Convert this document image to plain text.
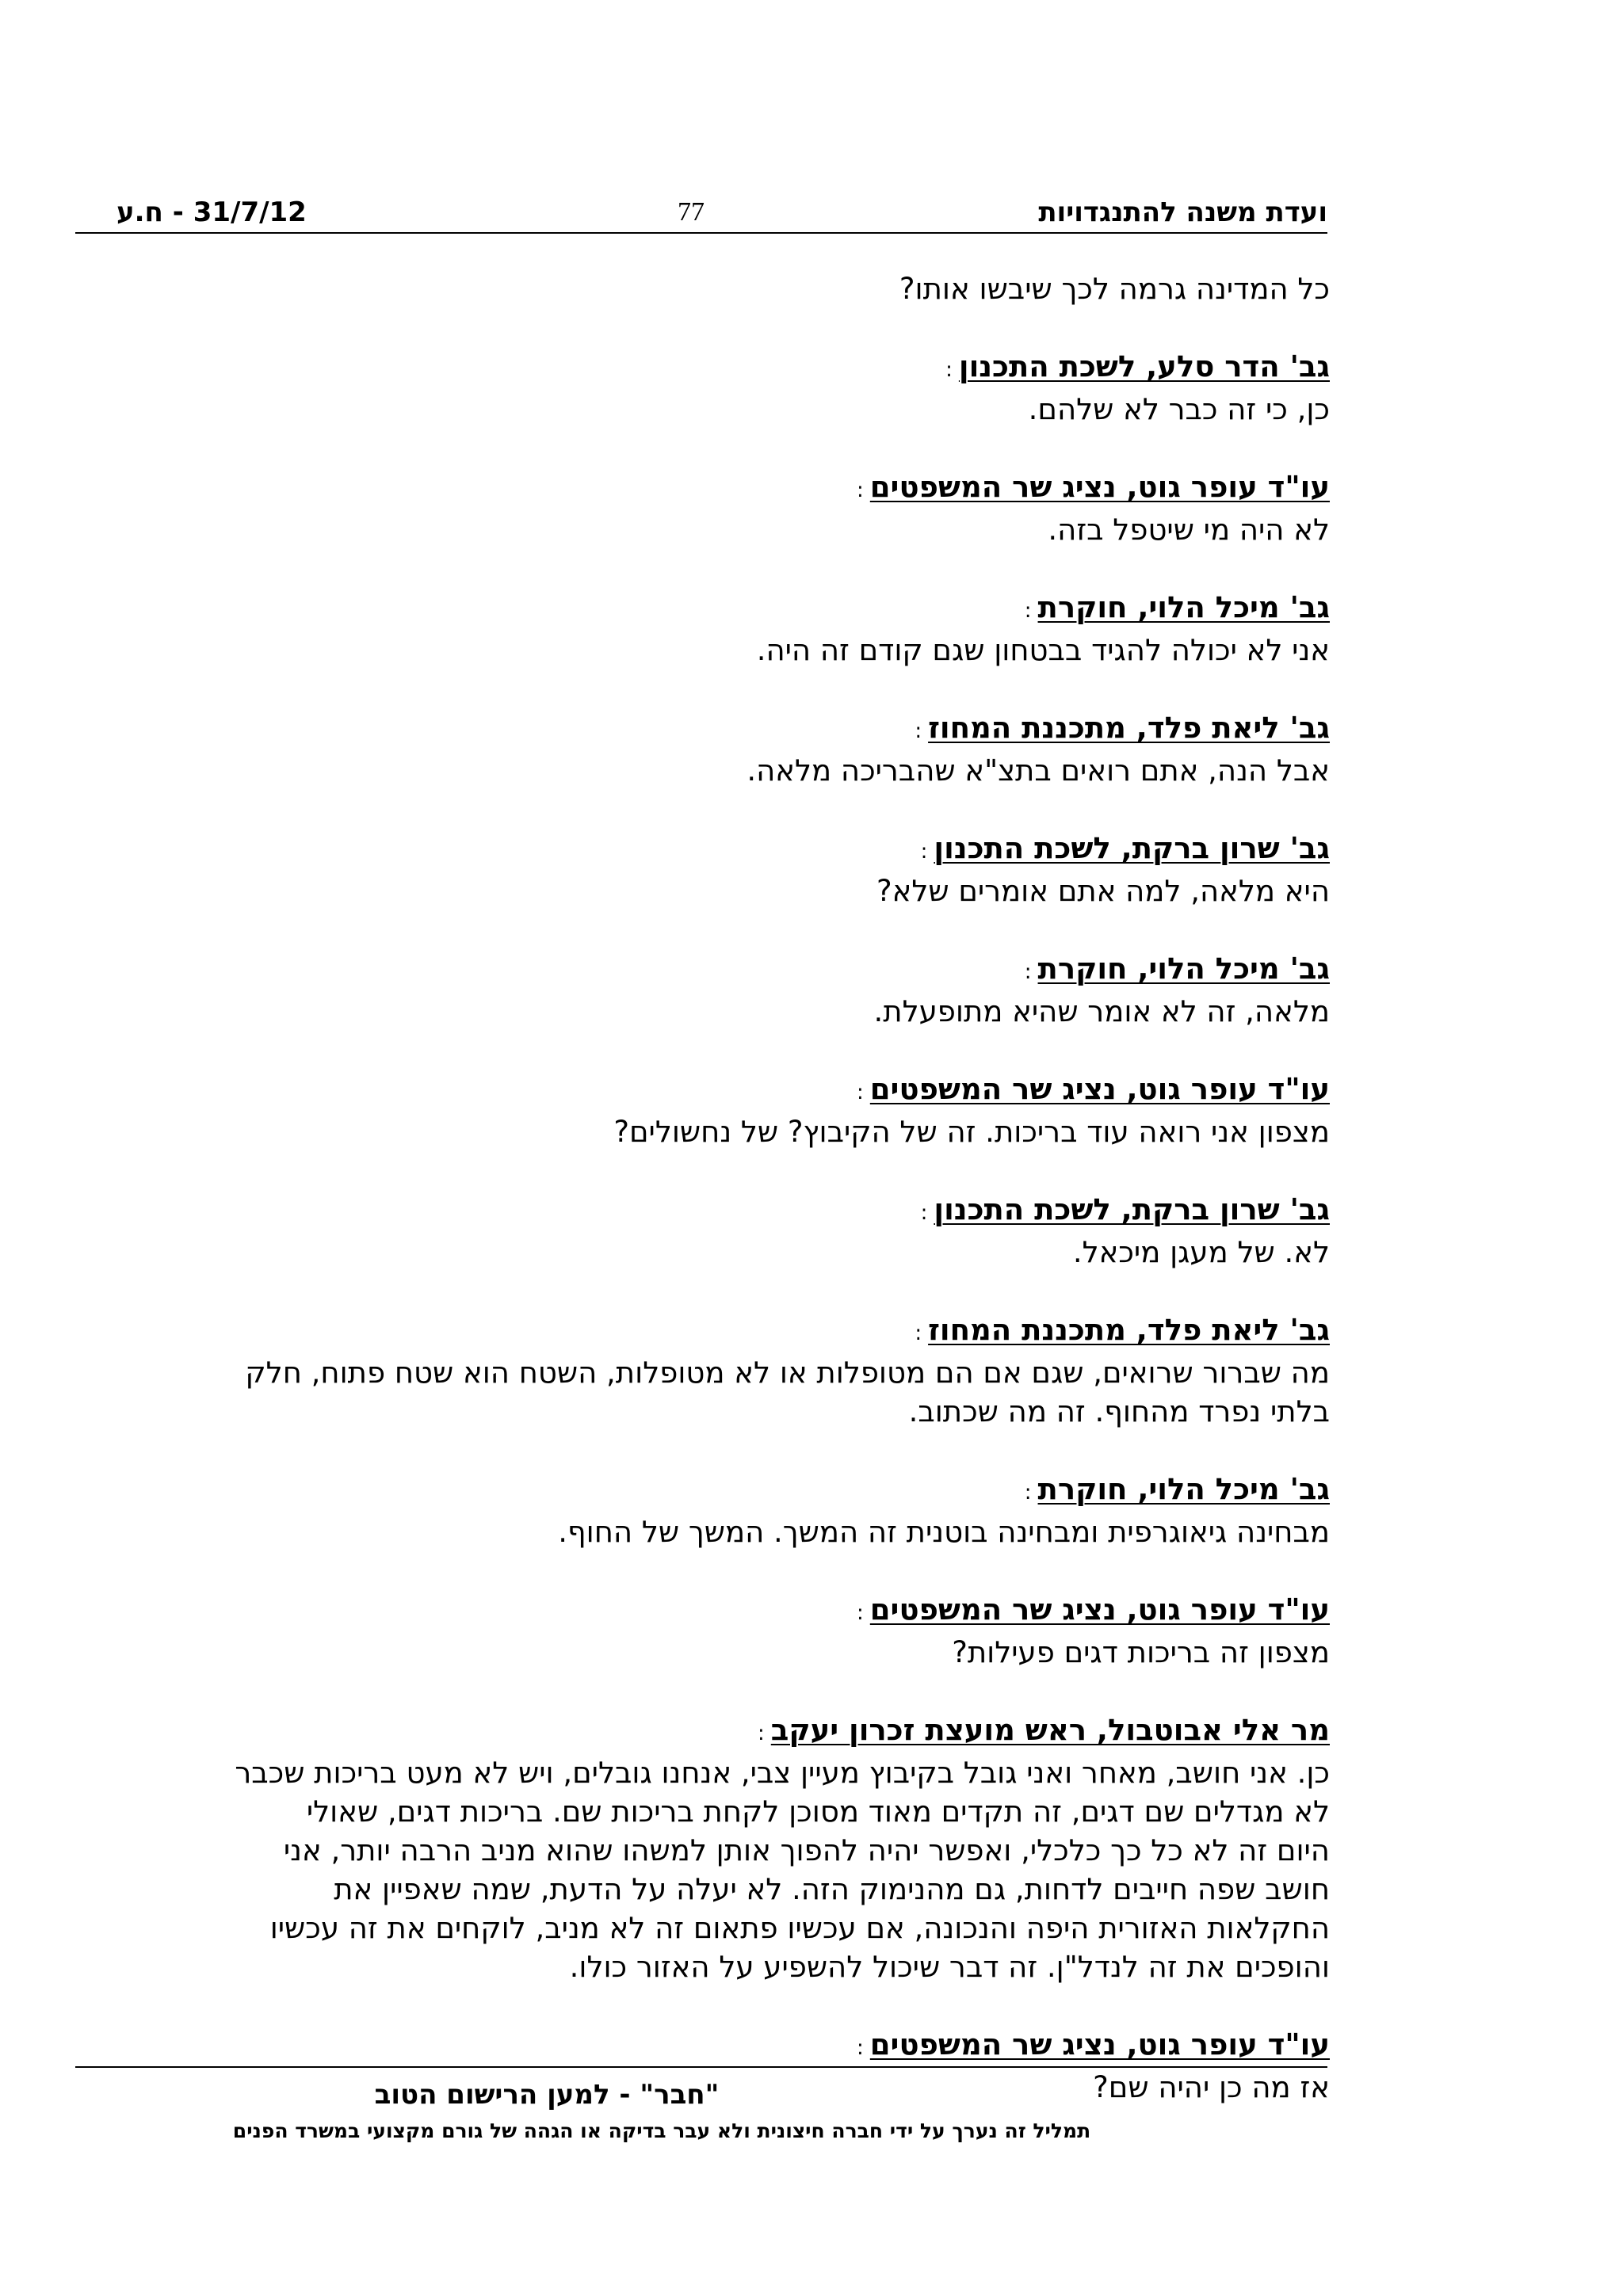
ועדת משנה להתנגדויות
77
31/7/12 - ח.ע

כל המדינה גרמה לכך שיבשו אותו?

גב' הדר סלע, לשכת התכנון:

כן, כי זה כבר לא שלהם.

עו"ד עופר גוט, נציג שר המשפטים:

לא היה מי שיטפל בזה.

גב' מיכל הלוי, חוקרת:

אני לא יכולה להגיד בבטחון שגם קודם זה היה.

גב' ליאת פלד, מתכננת המחוז:

אבל הנה, אתם רואים בתצ"א שהבריכה מלאה.

גב' שרון ברקת, לשכת התכנון:

היא מלאה, למה אתם אומרים שלא?

גב' מיכל הלוי, חוקרת:

מלאה, זה לא אומר שהיא מתופעלת.

עו"ד עופר גוט, נציג שר המשפטים:

מצפון אני רואה עוד בריכות. זה של הקיבוץ? של נחשולים?

גב' שרון ברקת, לשכת התכנון:

לא. של מעגן מיכאל.

גב' ליאת פלד, מתכננת המחוז:

מה שברור שרואים, שגם אם הם מטופלות או לא מטופלות, השטח הוא שטח פתוח, חלק

בלתי נפרד מהחוף. זה מה שכתוב.

גב' מיכל הלוי, חוקרת:

מבחינה גיאוגרפית ומבחינה בוטנית זה המשך. המשך של החוף.

עו"ד עופר גוט, נציג שר המשפטים:

מצפון זה בריכות דגים פעילות?

מר אלי אבוטבול, ראש מועצת זכרון יעקב:

כן. אני חושב, מאחר ואני גובל בקיבוץ מעיין צבי, אנחנו גובלים, ויש לא מעט בריכות שכבר

לא מגדלים שם דגים, זה תקדים מאוד מסוכן לקחת בריכות שם. בריכות דגים, שאולי

היום זה לא כל כך כלכלי, ואפשר יהיה להפוך אותן למשהו שהוא מניב הרבה יותר, אני

חושב שפה חייבים לדחות, גם מהנימוק הזה. לא יעלה על הדעת, שמה שאפיין את

החקלאות האזורית היפה והנכונה, אם עכשיו פתאום זה לא מניב, לוקחים את זה עכשיו

והופכים את זה לנדל"ן. זה דבר שיכול להשפיע על האזור כולו.

עו"ד עופר גוט, נציג שר המשפטים:

אז מה כן יהיה שם?

"חבר" - למען הרישום הטוב
תמליל זה נערך על ידי חברה חיצונית ולא עבר בדיקה או הגהה של גורם מקצועי במשרד הפנים
